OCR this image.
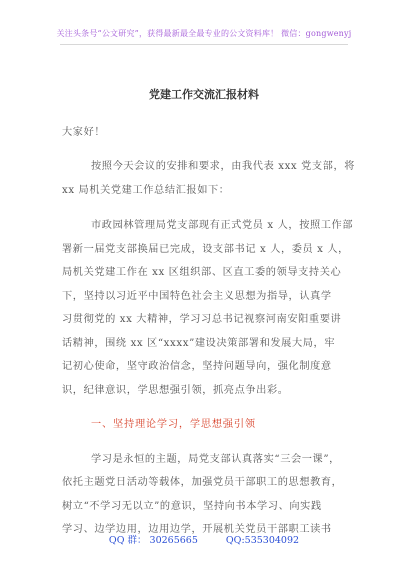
关注头条号“公文研究”，获得最新最全最专业的公文资料库！ 微信：gongwenyj
党建工作交流汇报材料
大家好！
按照今天会议的安排和要求，由我代表 xxx 党支部，将
xx 局机关党建工作总结汇报如下：
市政园林管理局党支部现有正式党员 x 人，按照工作部
署新一届党支部换届已完成，设支部书记 x 人，委员 x 人，
局机关党建工作在 xx 区组织部、区直工委的领导支持关心
下，坚持以习近平中国特色社会主义思想为指导，认真学
习贯彻党的 xx 大精神，学习习总书记视察河南安阳重要讲
话精神，围绕 xx 区“xxxx”建设决策部署和发展大局，牢
记初心使命，坚守政治信念，坚持问题导向，强化制度意
识，纪律意识，学思想强引领，抓亮点争出彩。
一、坚持理论学习，学思想强引领
学习是永恒的主题，局党支部认真落实“三会一课”，
依托主题党日活动等载体，加强党员干部职工的思想教育，
树立“不学习无以立”的意识，坚持向书本学习、向实践
学习、边学边用，边用边学，开展机关党员干部职工读书
QQ 群： 30265665	QQ:535304092
